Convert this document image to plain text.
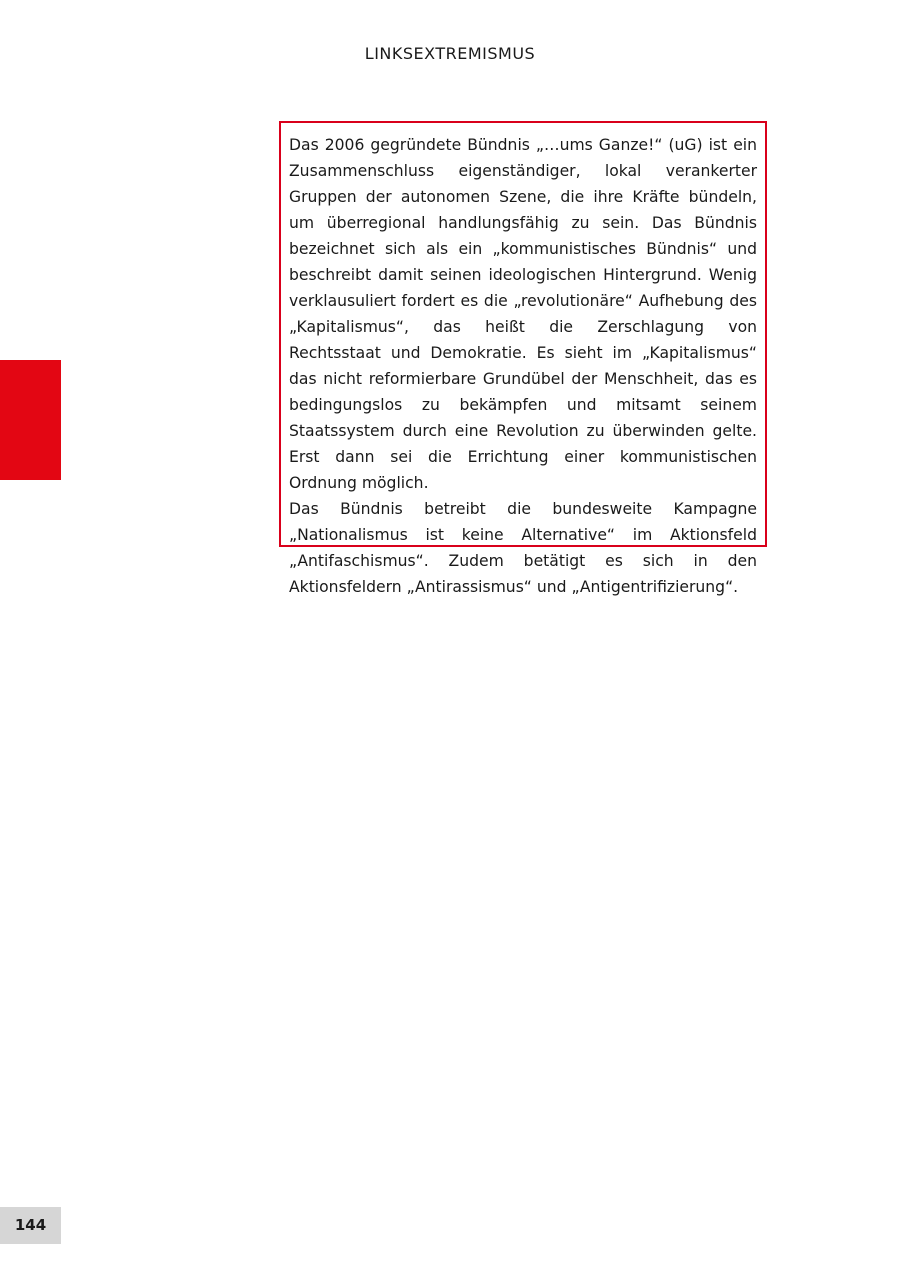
LINKSEXTREMISMUS

Das 2006 gegründete Bündnis „…ums Ganze!“ (uG) ist ein Zusammenschluss eigenständiger, lokal verankerter Gruppen der autonomen Szene, die ihre Kräfte bündeln, um überregional handlungsfähig zu sein. Das Bündnis bezeichnet sich als ein „kommunistisches Bündnis“ und beschreibt damit seinen ideologischen Hintergrund. Wenig verklausuliert fordert es die „revolutionäre“ Aufhebung des „Kapitalismus“, das heißt die Zerschlagung von Rechtsstaat und Demokratie. Es sieht im „Kapitalismus“ das nicht reformierbare Grundübel der Menschheit, das es bedingungslos zu bekämpfen und mitsamt seinem Staatssystem durch eine Revolution zu überwinden gelte. Erst dann sei die Errichtung einer kommunistischen Ordnung möglich.

Das Bündnis betreibt die bundesweite Kampagne „Nationalismus ist keine Alternative“ im Aktionsfeld „Antifaschismus“. Zudem betätigt es sich in den Aktionsfeldern „Antirassismus“ und „Antigentrifizierung“.

144
